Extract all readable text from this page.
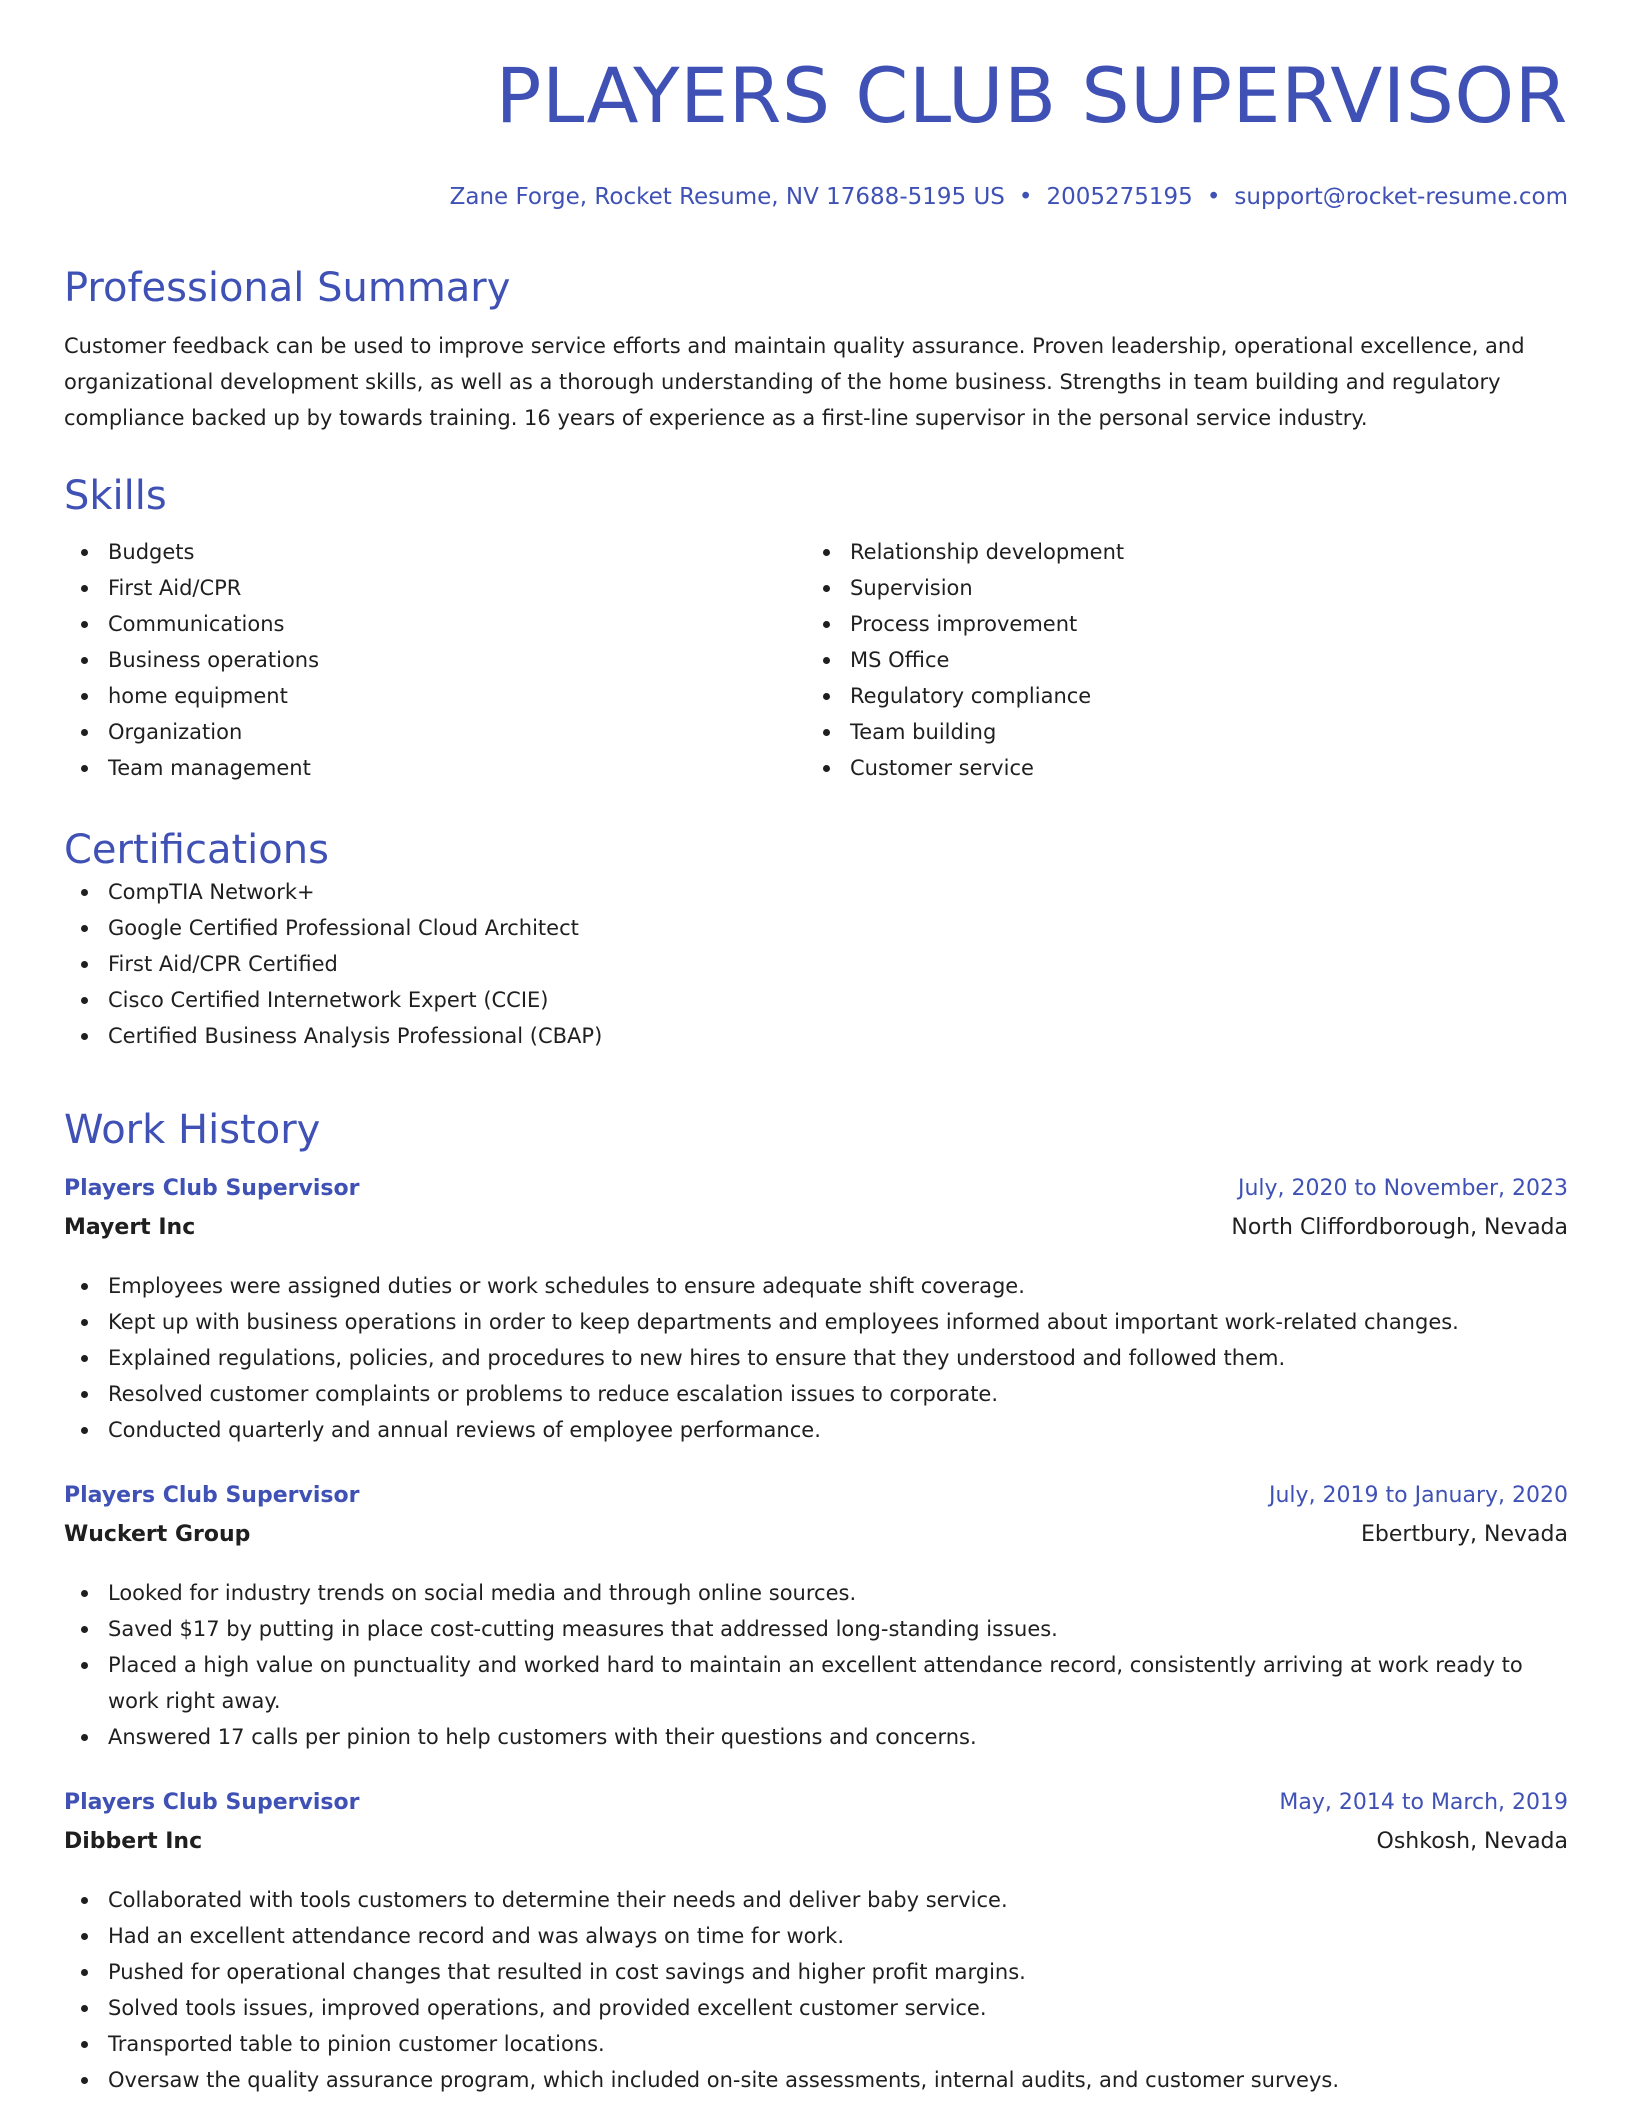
PLAYERS CLUB SUPERVISOR
Zane Forge, Rocket Resume, NV 17688-5195 US • 2005275195 • support@rocket-resume.com
Professional Summary

Customer feedback can be used to improve service efforts and maintain quality assurance. Proven leadership, operational excellence, and organizational development skills, as well as a thorough understanding of the home business. Strengths in team building and regulatory compliance backed up by towards training. 16 years of experience as a first-line supervisor in the personal service industry.

Skills
Budgets
First Aid/CPR
Communications
Business operations
home equipment
Organization
Team management
Relationship development
Supervision
Process improvement
MS Office
Regulatory compliance
Team building
Customer service
Certifications
CompTIA Network+
Google Certified Professional Cloud Architect
First Aid/CPR Certified
Cisco Certified Internetwork Expert (CCIE)
Certified Business Analysis Professional (CBAP)
Work History
Players Club Supervisor	July, 2020 to November, 2023
Mayert Inc	North Cliffordborough, Nevada
Employees were assigned duties or work schedules to ensure adequate shift coverage.
Kept up with business operations in order to keep departments and employees informed about important work-related changes.
Explained regulations, policies, and procedures to new hires to ensure that they understood and followed them.
Resolved customer complaints or problems to reduce escalation issues to corporate.
Conducted quarterly and annual reviews of employee performance.
Players Club Supervisor	July, 2019 to January, 2020
Wuckert Group	Ebertbury, Nevada
Looked for industry trends on social media and through online sources.
Saved $17 by putting in place cost-cutting measures that addressed long-standing issues.
Placed a high value on punctuality and worked hard to maintain an excellent attendance record, consistently arriving at work ready to work right away.
Answered 17 calls per pinion to help customers with their questions and concerns.
Players Club Supervisor	May, 2014 to March, 2019
Dibbert Inc	Oshkosh, Nevada
Collaborated with tools customers to determine their needs and deliver baby service.
Had an excellent attendance record and was always on time for work.
Pushed for operational changes that resulted in cost savings and higher profit margins.
Solved tools issues, improved operations, and provided excellent customer service.
Transported table to pinion customer locations.
Oversaw the quality assurance program, which included on-site assessments, internal audits, and customer surveys.
